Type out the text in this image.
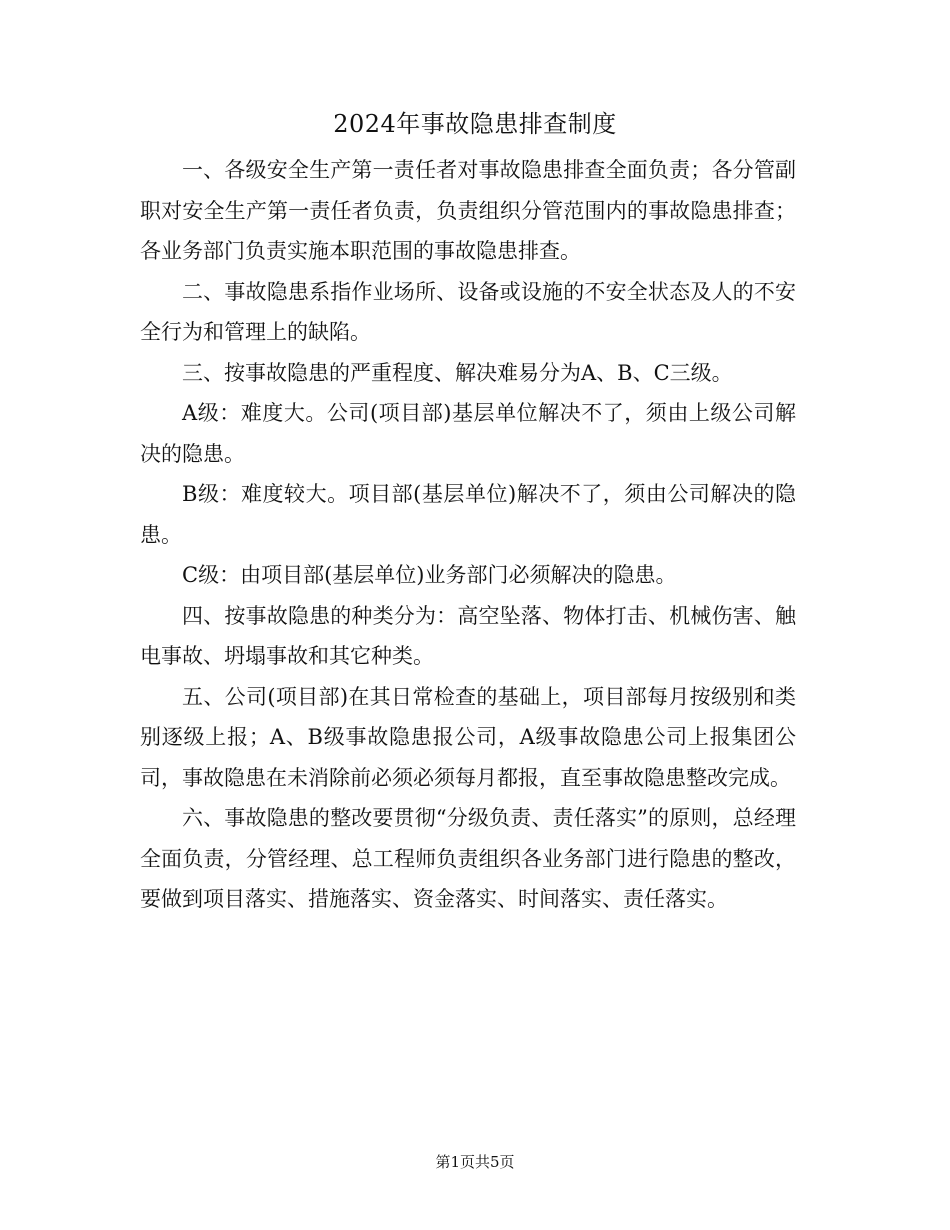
2024年事故隐患排查制度

一、各级安全生产第一责任者对事故隐患排查全面负责；各分管副职对安全生产第一责任者负责，负责组织分管范围内的事故隐患排查；各业务部门负责实施本职范围的事故隐患排查。

二、事故隐患系指作业场所、设备或设施的不安全状态及人的不安全行为和管理上的缺陷。

三、按事故隐患的严重程度、解决难易分为A、B、C三级。

A级：难度大。公司(项目部)基层单位解决不了，须由上级公司解决的隐患。

B级：难度较大。项目部(基层单位)解决不了，须由公司解决的隐患。

C级：由项目部(基层单位)业务部门必须解决的隐患。

四、按事故隐患的种类分为：高空坠落、物体打击、机械伤害、触电事故、坍塌事故和其它种类。

五、公司(项目部)在其日常检查的基础上，项目部每月按级别和类别逐级上报；A、B级事故隐患报公司，A级事故隐患公司上报集团公司，事故隐患在未消除前必须必须每月都报，直至事故隐患整改完成。

六、事故隐患的整改要贯彻“分级负责、责任落实”的原则，总经理全面负责，分管经理、总工程师负责组织各业务部门进行隐患的整改，要做到项目落实、措施落实、资金落实、时间落实、责任落实。

第1页共5页
